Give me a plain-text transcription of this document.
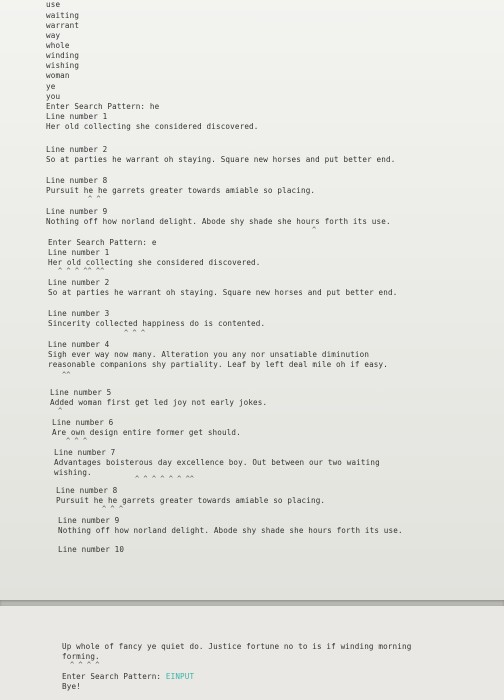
use
waiting
warrant
way
whole
winding
wishing
woman
ye
you
Enter Search Pattern: he
Line number 1
Her old collecting she considered discovered.
Line number 2
So at parties he warrant oh staying. Square new horses and put better end.
Line number 8
Pursuit he he garrets greater towards amiable so placing.
^ ^
Line number 9
Nothing off how norland delight. Abode shy shade she hours forth its use.
^
Enter Search Pattern: e
Line number 1
Her old collecting she considered discovered.
^ ^ ^ ^^ ^^
Line number 2
So at parties he warrant oh staying. Square new horses and put better end.
Line number 3
Sincerity collected happiness do is contented.
^ ^ ^
Line number 4
Sigh ever way now many. Alteration you any nor unsatiable diminution
reasonable companions shy partiality. Leaf by left deal mile oh if easy.
^^
Line number 5
Added woman first get led joy not early jokes.
^
Line number 6
Are own design entire former get should.
^ ^ ^
Line number 7
Advantages boisterous day excellence boy. Out between our two waiting
wishing.
^ ^ ^ ^ ^ ^ ^^
Line number 8
Pursuit he he garrets greater towards amiable so placing.
^ ^ ^
Line number 9
Nothing off how norland delight. Abode shy shade she hours forth its use.
Line number 10
Up whole of fancy ye quiet do. Justice fortune no to is if winding morning
forming.
^ ^ ^ ^
Enter Search Pattern: EINPUT
Bye!
